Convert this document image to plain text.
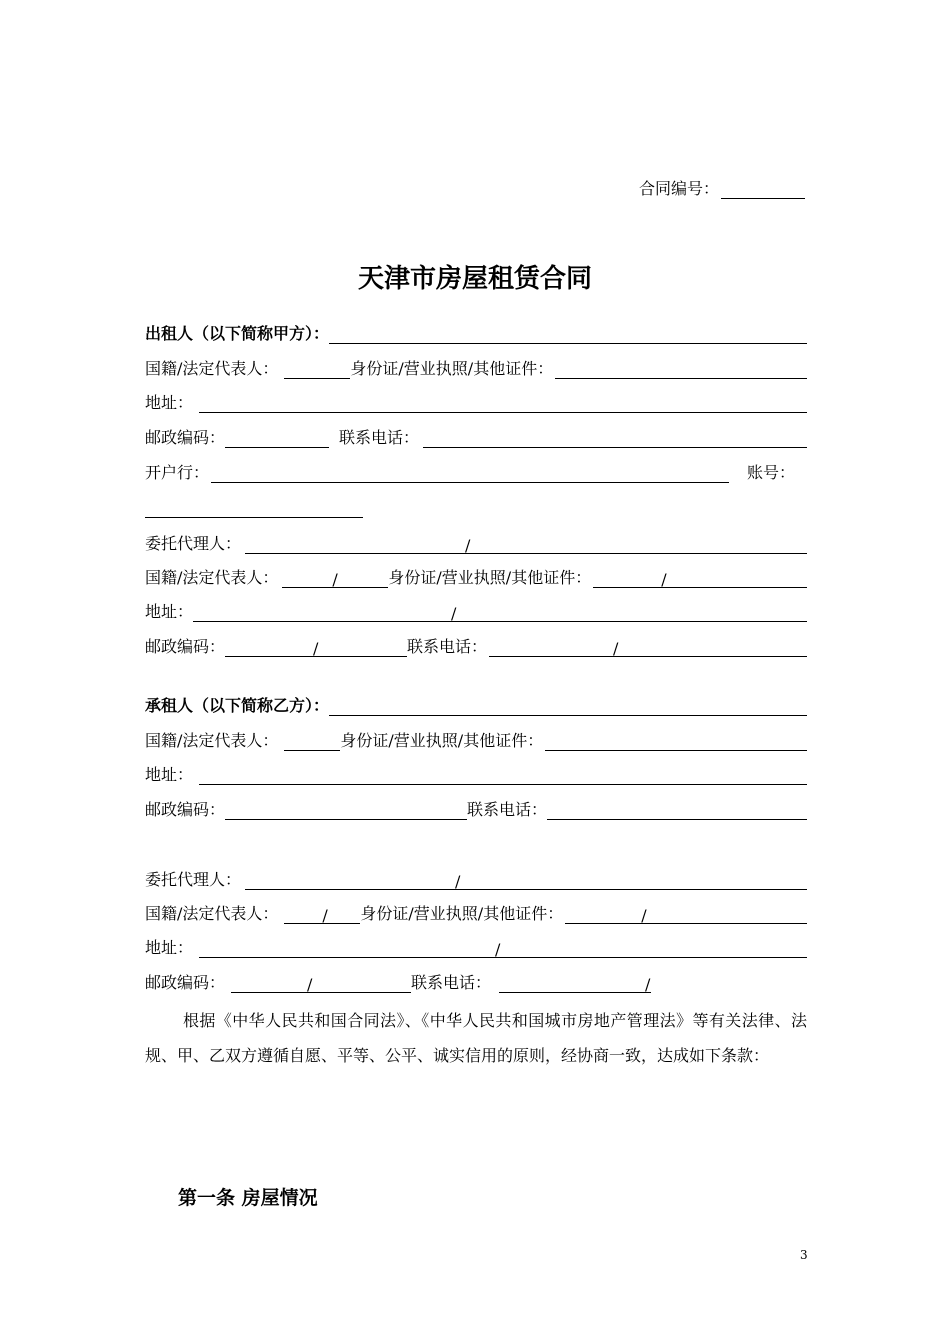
合同编号：
天津市房屋租赁合同
出租人（以下简称甲方）：
国籍/法定代表人：	身份证/营业执照/其他证件：
地址：
邮政编码：	联系电话：
开户行：	账号：
委托代理人：	/
国籍/法定代表人：	/	身份证/营业执照/其他证件：	/
地址：	/
邮政编码：	/	联系电话：	/
承租人（以下简称乙方）：
国籍/法定代表人：	身份证/营业执照/其他证件：
地址：
邮政编码：	联系电话：
委托代理人：	/
国籍/法定代表人：	/ 身份证/营业执照/其他证件：	/
地址：	/
邮政编码：	/	联系电话：	/
根据《中华人民共和国合同法》、《中华人民共和国城市房地产管理法》等有关法律、法规、甲、乙双方遵循自愿、平等、公平、诚实信用的原则，经协商一致，达成如下条款：
第一条 房屋情况
3
